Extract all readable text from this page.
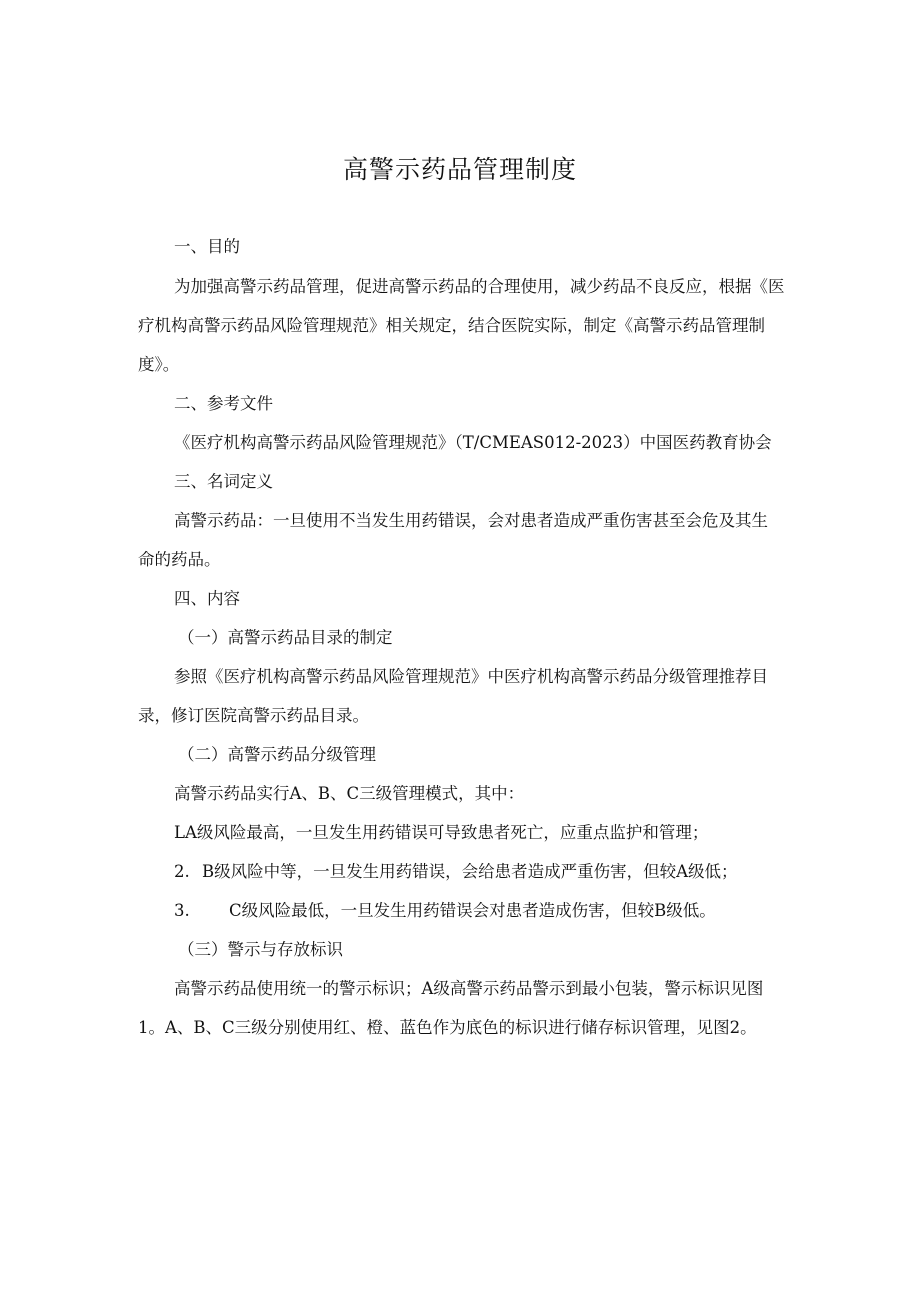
高警示药品管理制度
一、目的
为加强高警示药品管理，促进高警示药品的合理使用，减少药品不良反应，根据《医
疗机构高警示药品风险管理规范》相关规定，结合医院实际，制定《高警示药品管理制
度》。
二、参考文件
《医疗机构高警示药品风险管理规范》（T/CMEAS012-2023）中国医药教育协会
三、名词定义
高警示药品：一旦使用不当发生用药错误，会对患者造成严重伤害甚至会危及其生
命的药品。
四、内容
（一）高警示药品目录的制定
参照《医疗机构高警示药品风险管理规范》中医疗机构高警示药品分级管理推荐目
录，修订医院高警示药品目录。
（二）高警示药品分级管理
高警示药品实行A、B、C三级管理模式，其中：
LA级风险最高，一旦发生用药错误可导致患者死亡，应重点监护和管理；
2. B级风险中等，一旦发生用药错误，会给患者造成严重伤害，但较A级低；
3. C级风险最低，一旦发生用药错误会对患者造成伤害，但较B级低。
（三）警示与存放标识
高警示药品使用统一的警示标识；A级高警示药品警示到最小包装，警示标识见图
1。A、B、C三级分别使用红、橙、蓝色作为底色的标识进行储存标识管理，见图2。
